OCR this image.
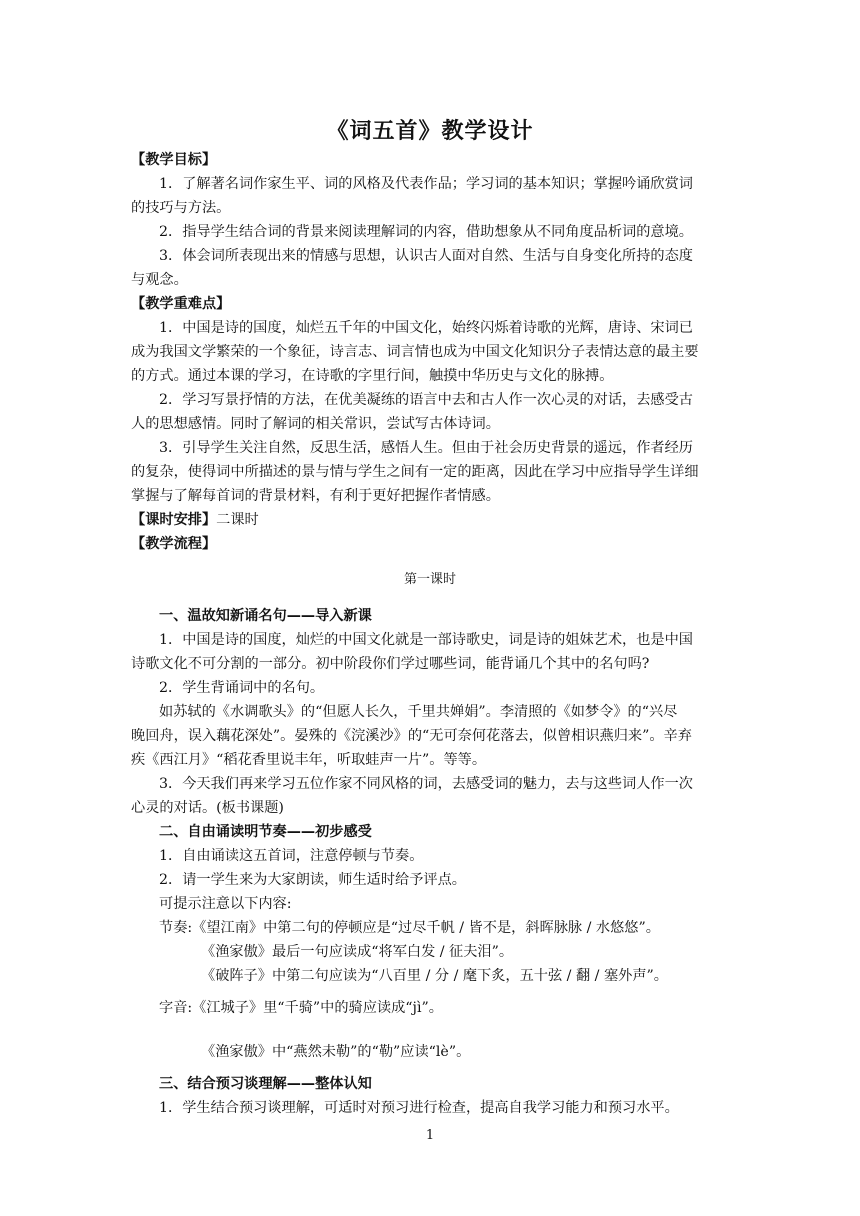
《词五首》教学设计
【教学目标】
1．了解著名词作家生平、词的风格及代表作品；学习词的基本知识；掌握吟诵欣赏词
的技巧与方法。
2．指导学生结合词的背景来阅读理解词的内容，借助想象从不同角度品析词的意境。
3．体会词所表现出来的情感与思想，认识古人面对自然、生活与自身变化所持的态度
与观念。
【教学重难点】
1．中国是诗的国度，灿烂五千年的中国文化，始终闪烁着诗歌的光辉，唐诗、宋词已
成为我国文学繁荣的一个象征，诗言志、词言情也成为中国文化知识分子表情达意的最主要
的方式。通过本课的学习，在诗歌的字里行间，触摸中华历史与文化的脉搏。
2．学习写景抒情的方法，在优美凝练的语言中去和古人作一次心灵的对话，去感受古
人的思想感情。同时了解词的相关常识，尝试写古体诗词。
3．引导学生关注自然，反思生活，感悟人生。但由于社会历史背景的遥远，作者经历
的复杂，使得词中所描述的景与情与学生之间有一定的距离，因此在学习中应指导学生详细
掌握与了解每首词的背景材料，有利于更好把握作者情感。
【课时安排】二课时
【教学流程】
第一课时
一、温故知新诵名句——导入新课
1．中国是诗的国度，灿烂的中国文化就是一部诗歌史，词是诗的姐妹艺术，也是中国
诗歌文化不可分割的一部分。初中阶段你们学过哪些词，能背诵几个其中的名句吗?
2．学生背诵词中的名句。
如苏轼的《水调歌头》的“但愿人长久，千里共婵娟”。李清照的《如梦令》的“兴尽
晚回舟，误入藕花深处”。晏殊的《浣溪沙》的“无可奈何花落去，似曾相识燕归来”。辛弃
疾《西江月》“稻花香里说丰年，听取蛙声一片”。等等。
3．今天我们再来学习五位作家不同风格的词，去感受词的魅力，去与这些词人作一次
心灵的对话。(板书课题)
二、自由诵读明节奏——初步感受
1．自由诵读这五首词，注意停顿与节奏。
2．请一学生来为大家朗读，师生适时给予评点。
可提示注意以下内容:
节奏:《望江南》中第二句的停顿应是“过尽千帆 / 皆不是，斜晖脉脉 / 水悠悠”。
《渔家傲》最后一句应读成“将军白发 / 征夫泪”。
《破阵子》中第二句应读为“八百里 / 分 / 麾下炙，五十弦 / 翻 / 塞外声”。
字音:《江城子》里“千骑”中的骑应读成“jì”。
《渔家傲》中“燕然未勒”的“勒”应读“lè”。
三、结合预习谈理解——整体认知
1．学生结合预习谈理解，可适时对预习进行检查，提高自我学习能力和预习水平。
1
